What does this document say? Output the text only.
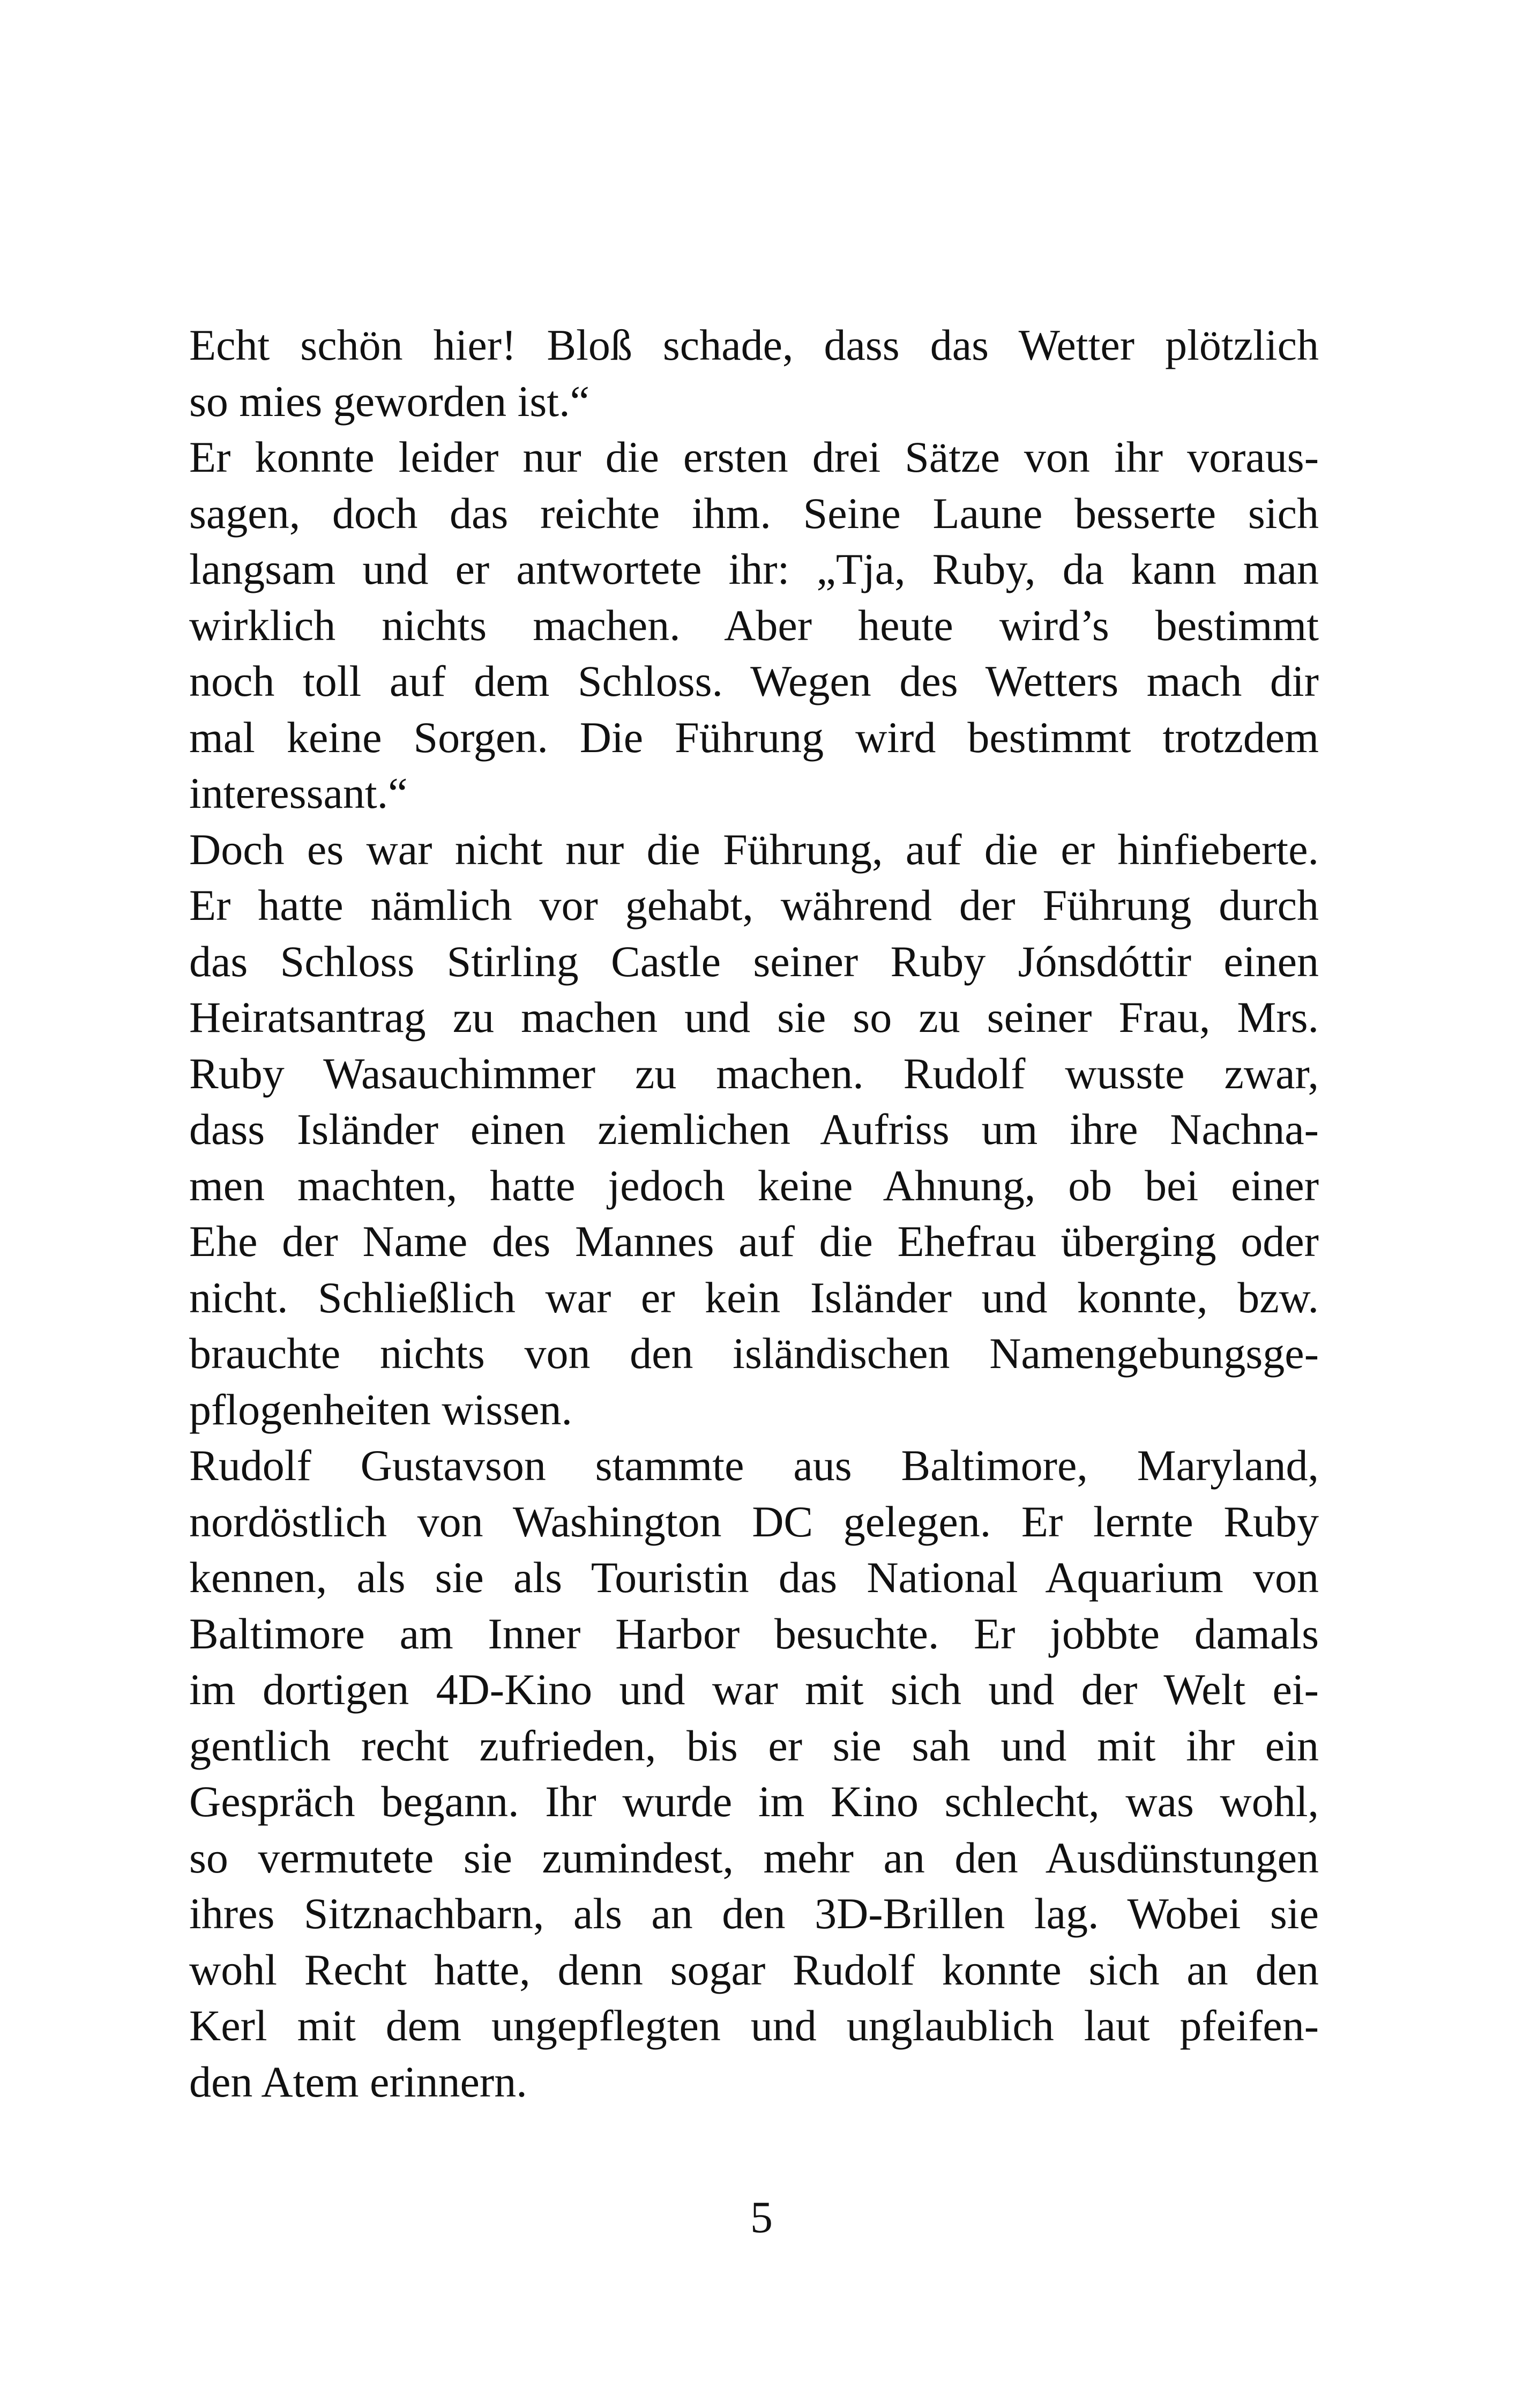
Echt schön hier! Bloß schade, dass das Wetter plötzlich
so mies geworden ist.“
Er konnte leider nur die ersten drei Sätze von ihr voraus-
sagen, doch das reichte ihm. Seine Laune besserte sich
langsam und er antwortete ihr: „Tja, Ruby, da kann man
wirklich nichts machen. Aber heute wird’s bestimmt
noch toll auf dem Schloss. Wegen des Wetters mach dir
mal keine Sorgen. Die Führung wird bestimmt trotzdem
interessant.“
Doch es war nicht nur die Führung, auf die er hinfieberte.
Er hatte nämlich vor gehabt, während der Führung durch
das Schloss Stirling Castle seiner Ruby Jónsdóttir einen
Heiratsantrag zu machen und sie so zu seiner Frau, Mrs.
Ruby Wasauchimmer zu machen. Rudolf wusste zwar,
dass Isländer einen ziemlichen Aufriss um ihre Nachna-
men machten, hatte jedoch keine Ahnung, ob bei einer
Ehe der Name des Mannes auf die Ehefrau überging oder
nicht. Schließlich war er kein Isländer und konnte, bzw.
brauchte nichts von den isländischen Namengebungsge-
pflogenheiten wissen.
Rudolf Gustavson stammte aus Baltimore, Maryland,
nordöstlich von Washington DC gelegen. Er lernte Ruby
kennen, als sie als Touristin das National Aquarium von
Baltimore am Inner Harbor besuchte. Er jobbte damals
im dortigen 4D-Kino und war mit sich und der Welt ei-
gentlich recht zufrieden, bis er sie sah und mit ihr ein
Gespräch begann. Ihr wurde im Kino schlecht, was wohl,
so vermutete sie zumindest, mehr an den Ausdünstungen
ihres Sitznachbarn, als an den 3D-Brillen lag. Wobei sie
wohl Recht hatte, denn sogar Rudolf konnte sich an den
Kerl mit dem ungepflegten und unglaublich laut pfeifen-
den Atem erinnern.
5
